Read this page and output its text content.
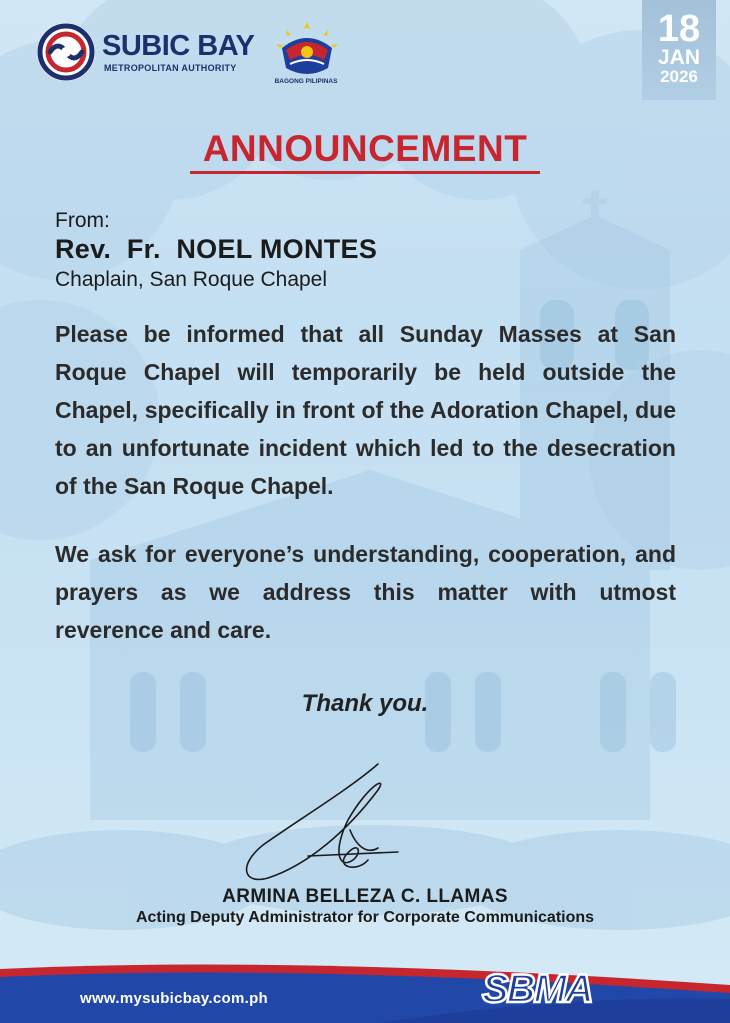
SUBIC BAY
METROPOLITAN AUTHORITY
BAGONG PILIPINAS
18
JAN
2026
ANNOUNCEMENT
From:
Rev.  Fr.  NOEL MONTES
Chaplain, San Roque Chapel
Please be informed that all Sunday Masses at San Roque Chapel will temporarily be held outside the Chapel, specifically in front of the Adoration Chapel, due to an unfortunate incident which led to the desecration of the San Roque Chapel.
We ask for everyone’s understanding, cooperation, and prayers as we address this matter with utmost reverence and care.
Thank you.
ARMINA BELLEZA C. LLAMAS
Acting Deputy Administrator for Corporate Communications
www.mysubicbay.com.ph	SBMA
